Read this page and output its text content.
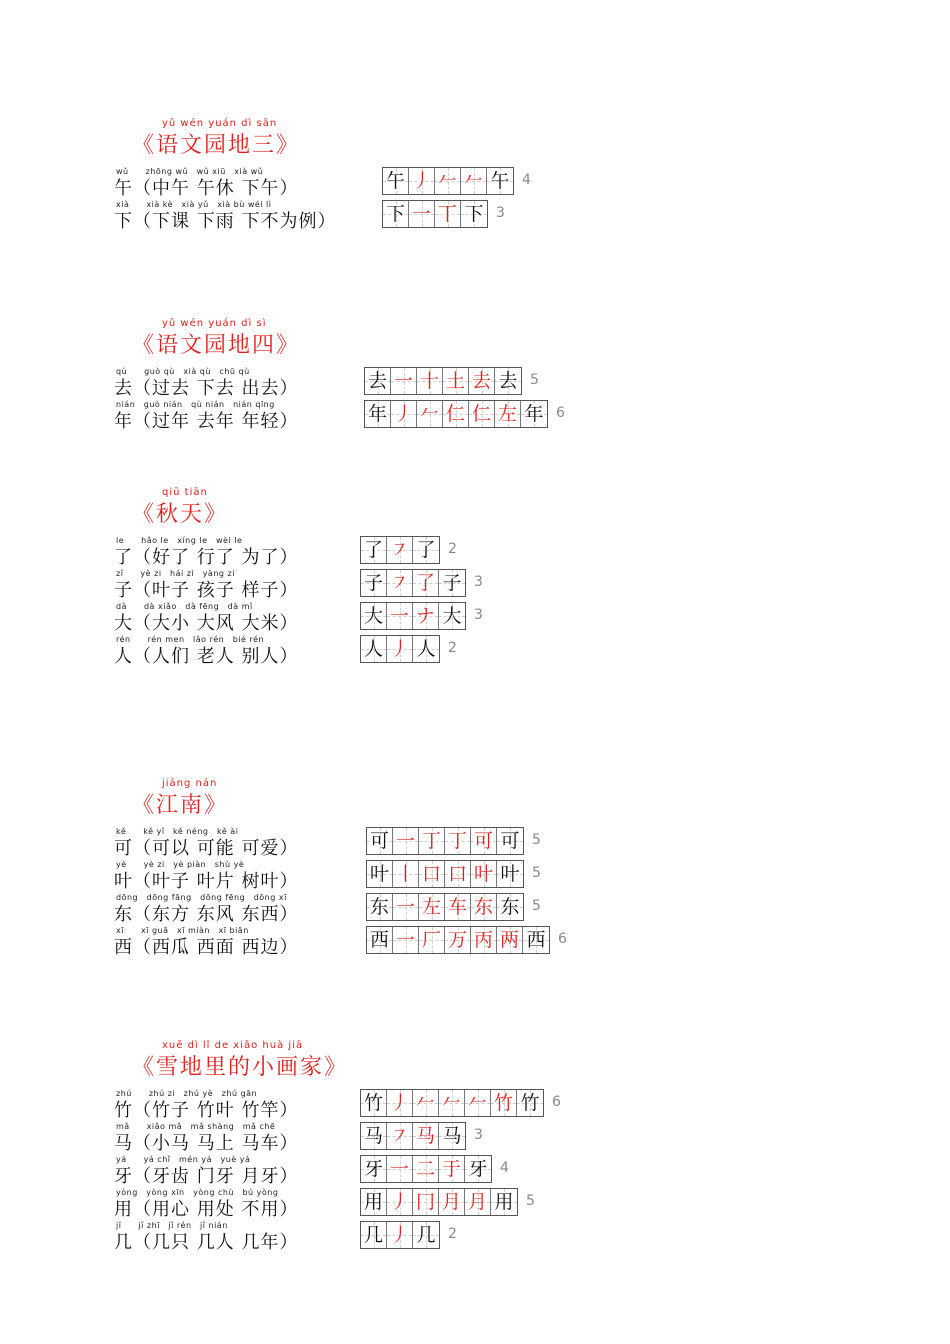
yǔ wén yuán dì sān
《语文园地三》
wǔ　　zhōng wǔ　wǔ xiū　xià wǔ
午（中午 午休 下午）	午 丿 𠂉 𠂉 午 4
xià　　xià kè　xià yǔ　xià bù wéi lì
下（下课 下雨 下不为例）	下 一 丅 下 3
yǔ wén yuán dì sì
《语文园地四》
qù　　guò qù　xià qù　chū qù
去（过去 下去 出去）	去 一 十 土 去 去 5
nián　guò nián　qù nián　nián qīng
年（过年 去年 年轻）	年 丿 𠂉 仁 仁 左 年 6
qiū tiān
《秋天》
le　　hǎo le　xíng le　wèi le
了（好了 行了 为了）	了 ㇇ 了 2
zǐ　　yè zi　hái zi　yàng zi
子（叶子 孩子 样子）	子 ㇇ 了 子 3
dà　　dà xiǎo　dà fēng　dà mǐ
大（大小 大风 大米）	大 一 ナ 大 3
rén　　rén men　lǎo rén　bié rén
人（人们 老人 别人）	人 丿 人 2
jiāng nán
《江南》
kě　　kě yǐ　kě néng　kě ài
可（可以 可能 可爱）	可 一 丁 丁 可 可 5
yè　　yè zi　yè piàn　shù yè
叶（叶子 叶片 树叶）	叶 丨 口 口 叶 叶 5
dōng　dōng fāng　dōng fēng　dōng xī
东（东方 东风 东西）	东 一 左 车 东 东 5
xī　　xī guā　xī miàn　xī biān
西（西瓜 西面 西边）	西 一 厂 万 丙 两 西 6
xuě dì lǐ de xiǎo huà jiā
《雪地里的小画家》
zhú　　zhú zi　zhú yè　zhú gān
竹（竹子 竹叶 竹竿）	竹 丿 𠂉 𠂉 𠂉 竹 竹 6
mǎ　　xiǎo mǎ　mǎ shàng　mǎ chē
马（小马 马上 马车）	马 ㇇ 马 马 3
yá　　yá chǐ　mén yá　yuè yá
牙（牙齿 门牙 月牙）	牙 一 二 于 牙 4
yòng　yòng xīn　yòng chù　bú yòng
用（用心 用处 不用）	用 丿 冂 月 月 用 5
jǐ　　jǐ zhī　jǐ rén　jǐ nián
几（几只 几人 几年）	几 丿 几 2
